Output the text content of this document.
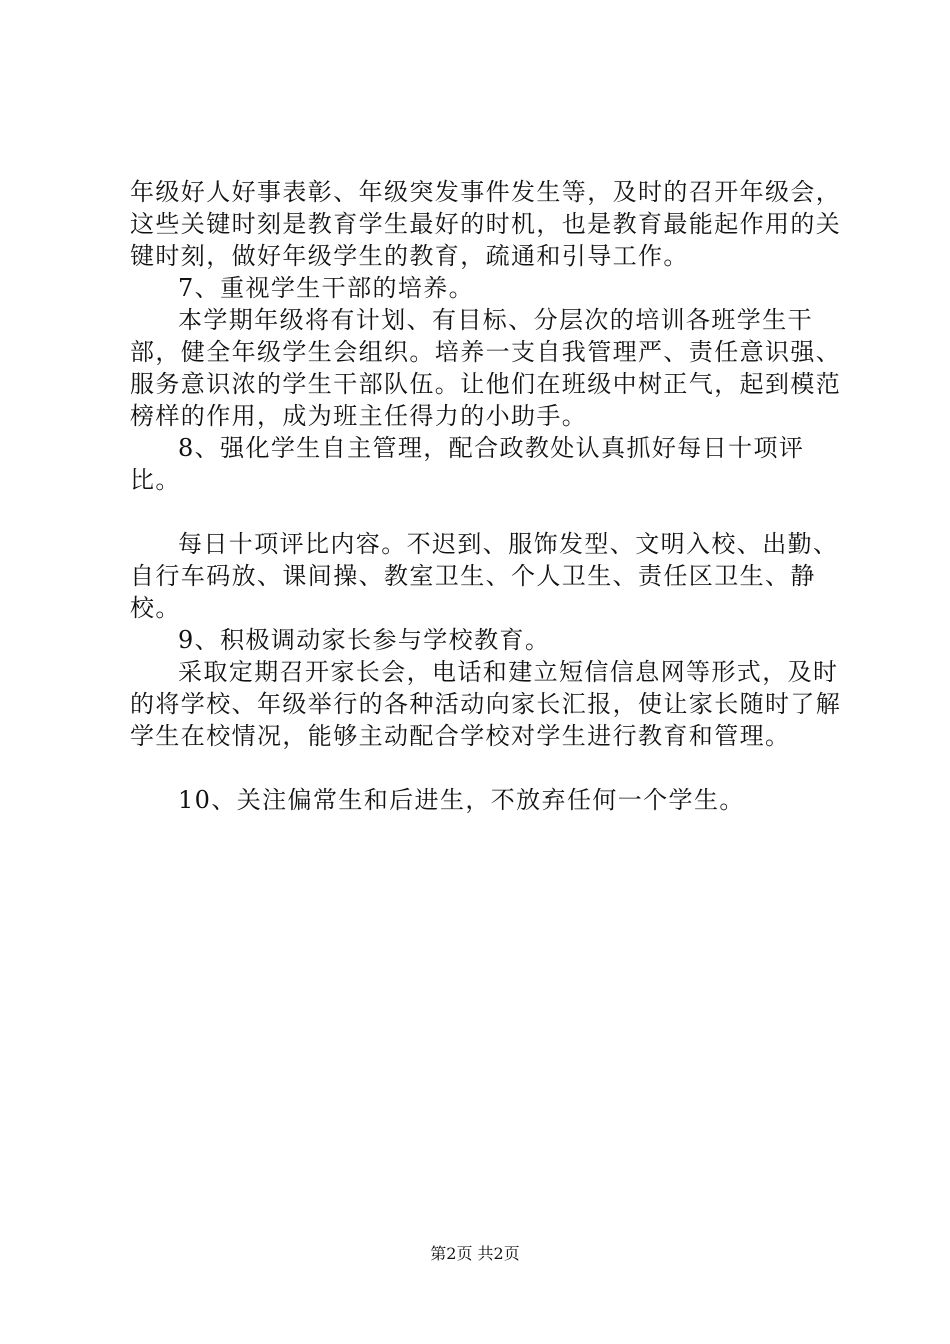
年级好人好事表彰、年级突发事件发生等，及时的召开年级会，这些关键时刻是教育学生最好的时机，也是教育最能起作用的关键时刻，做好年级学生的教育，疏通和引导工作。

7、重视学生干部的培养。

本学期年级将有计划、有目标、分层次的培训各班学生干部，健全年级学生会组织。培养一支自我管理严、责任意识强、服务意识浓的学生干部队伍。让他们在班级中树正气，起到模范榜样的作用，成为班主任得力的小助手。

8、强化学生自主管理，配合政教处认真抓好每日十项评比。

每日十项评比内容。不迟到、服饰发型、文明入校、出勤、自行车码放、课间操、教室卫生、个人卫生、责任区卫生、静校。

9、积极调动家长参与学校教育。

采取定期召开家长会，电话和建立短信信息网等形式，及时的将学校、年级举行的各种活动向家长汇报，使让家长随时了解学生在校情况，能够主动配合学校对学生进行教育和管理。

10、关注偏常生和后进生，不放弃任何一个学生。

第2页 共2页
